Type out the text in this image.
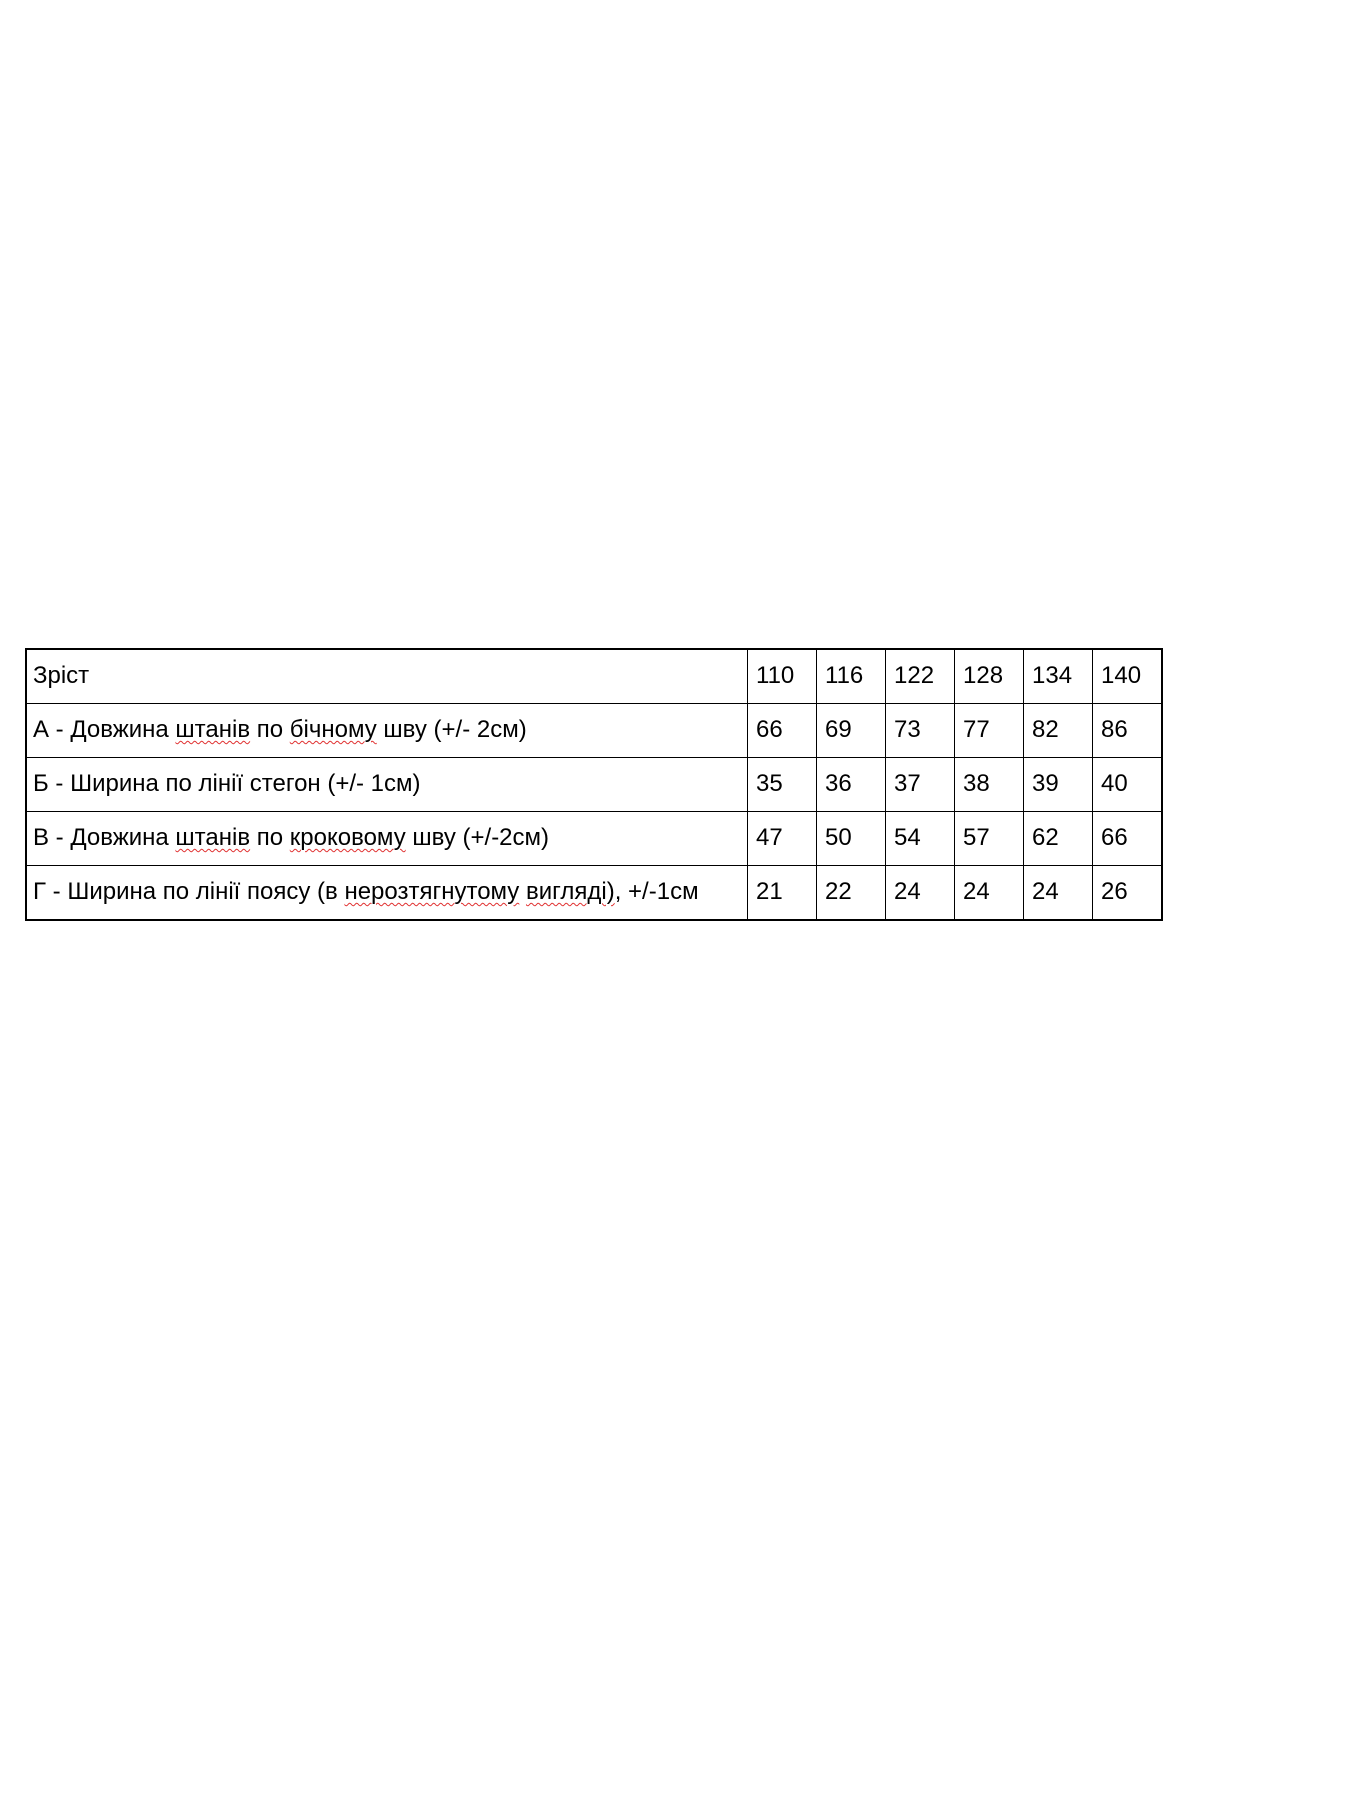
Зріст	110	116	122	128	134	140
А - Довжина штанів по бічному шву (+/- 2см)	66	69	73	77	82	86
Б - Ширина по лінії стегон (+/- 1см)	35	36	37	38	39	40
В - Довжина штанів по кроковому шву (+/-2см)	47	50	54	57	62	66
Г - Ширина по лінії поясу (в нерозтягнутому вигляді), +/-1см	21	22	24	24	24	26
